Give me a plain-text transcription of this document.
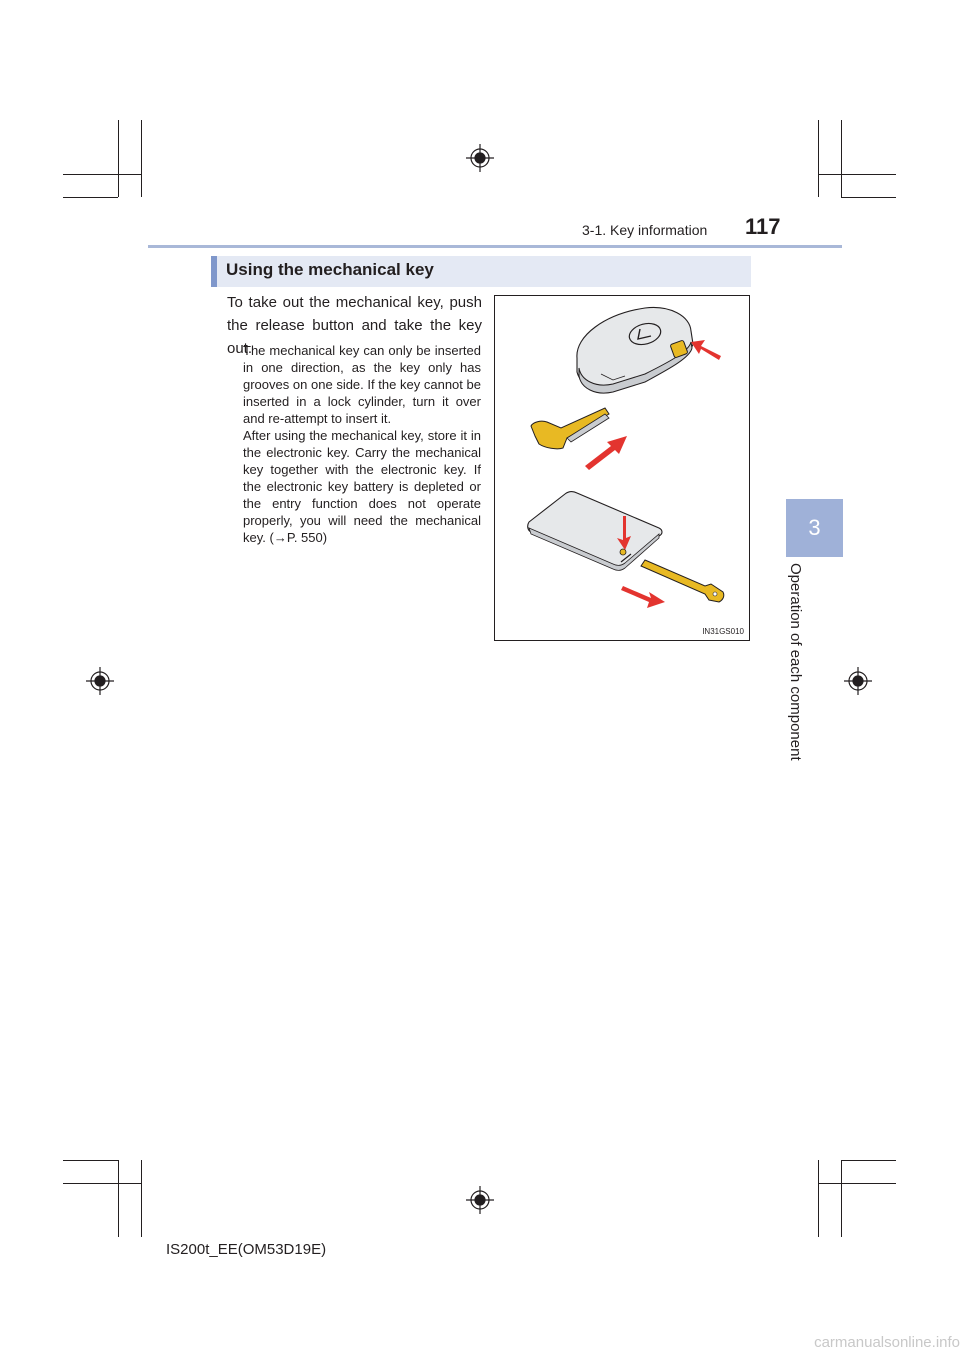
3-1. Key information 117
3
Operation of each component
Using the mechanical key
To take out the mechanical key, push the release button and take the key out.
The mechanical key can only be inserted in one direction, as the key only has grooves on one side. If the key cannot be inserted in a lock cylinder, turn it over and re-attempt to insert it.
After using the mechanical key, store it in the electronic key. Carry the mechanical key together with the electronic key. If the electronic key battery is depleted or the entry function does not operate properly, you will need the mechanical key. (→P. 550)
IN31GS010
IS200t_EE(OM53D19E)
carmanualsonline.info
